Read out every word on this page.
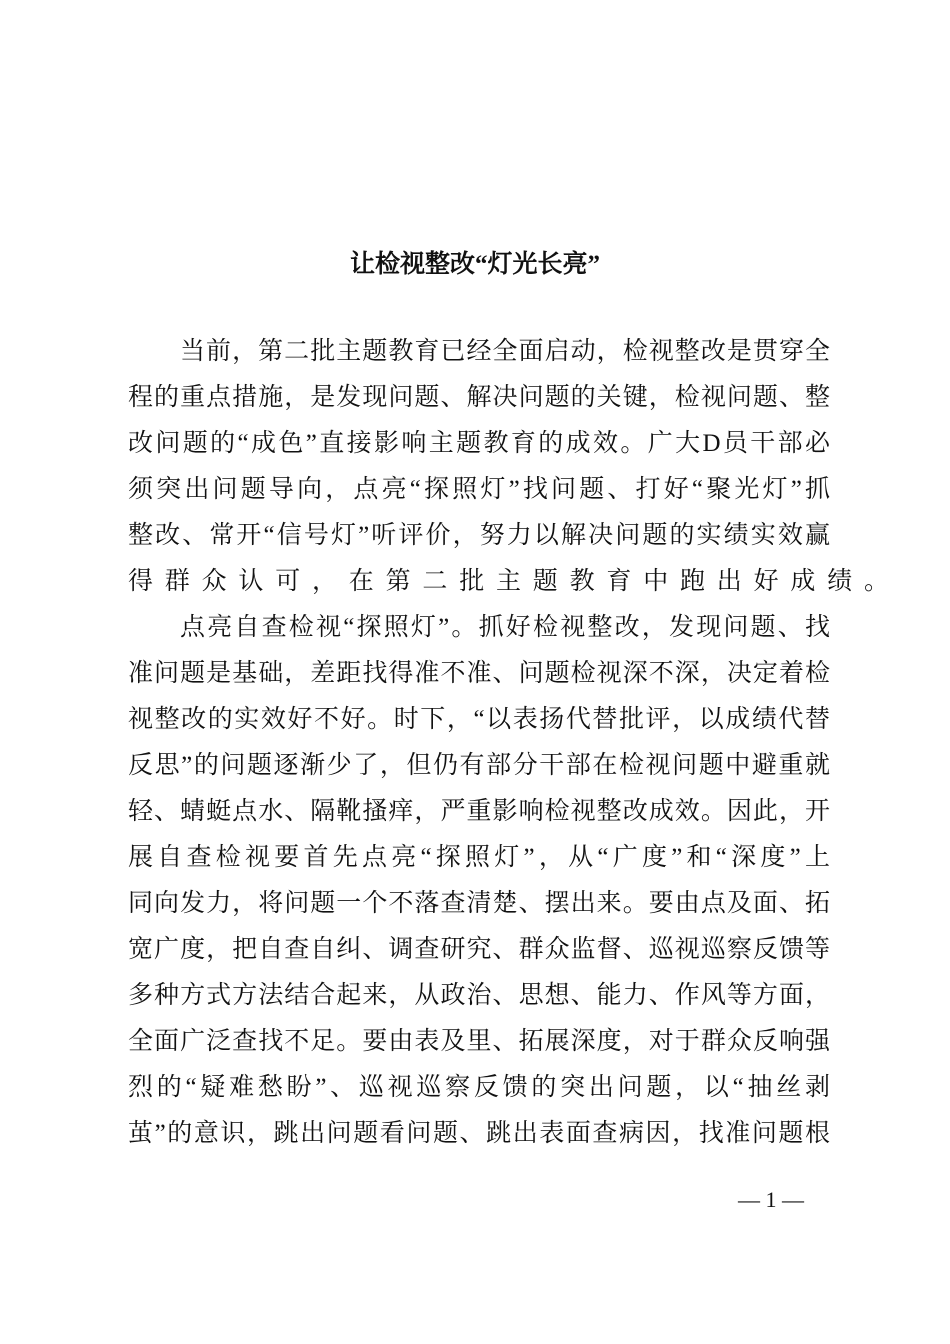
让检视整改“灯光长亮”
当前，第二批主题教育已经全面启动，检视整改是贯穿全
程的重点措施，是发现问题、解决问题的关键，检视问题、整
改问题的“成色”直接影响主题教育的成效。广大D员干部必
须突出问题导向，点亮“探照灯”找问题、打好“聚光灯”抓
整改、常开“信号灯”听评价，努力以解决问题的实绩实效赢
得群众认可，在第二批主题教育中跑出好成绩。
点亮自查检视“探照灯”。抓好检视整改，发现问题、找
准问题是基础，差距找得准不准、问题检视深不深，决定着检
视整改的实效好不好。时下，“以表扬代替批评，以成绩代替
反思”的问题逐渐少了，但仍有部分干部在检视问题中避重就
轻、蜻蜓点水、隔靴搔痒，严重影响检视整改成效。因此，开
展自查检视要首先点亮“探照灯”，从“广度”和“深度”上
同向发力，将问题一个不落查清楚、摆出来。要由点及面、拓
宽广度，把自查自纠、调查研究、群众监督、巡视巡察反馈等
多种方式方法结合起来，从政治、思想、能力、作风等方面，
全面广泛查找不足。要由表及里、拓展深度，对于群众反响强
烈的“疑难愁盼”、巡视巡察反馈的突出问题，以“抽丝剥
茧”的意识，跳出问题看问题、跳出表面查病因，找准问题根
— 1 —
